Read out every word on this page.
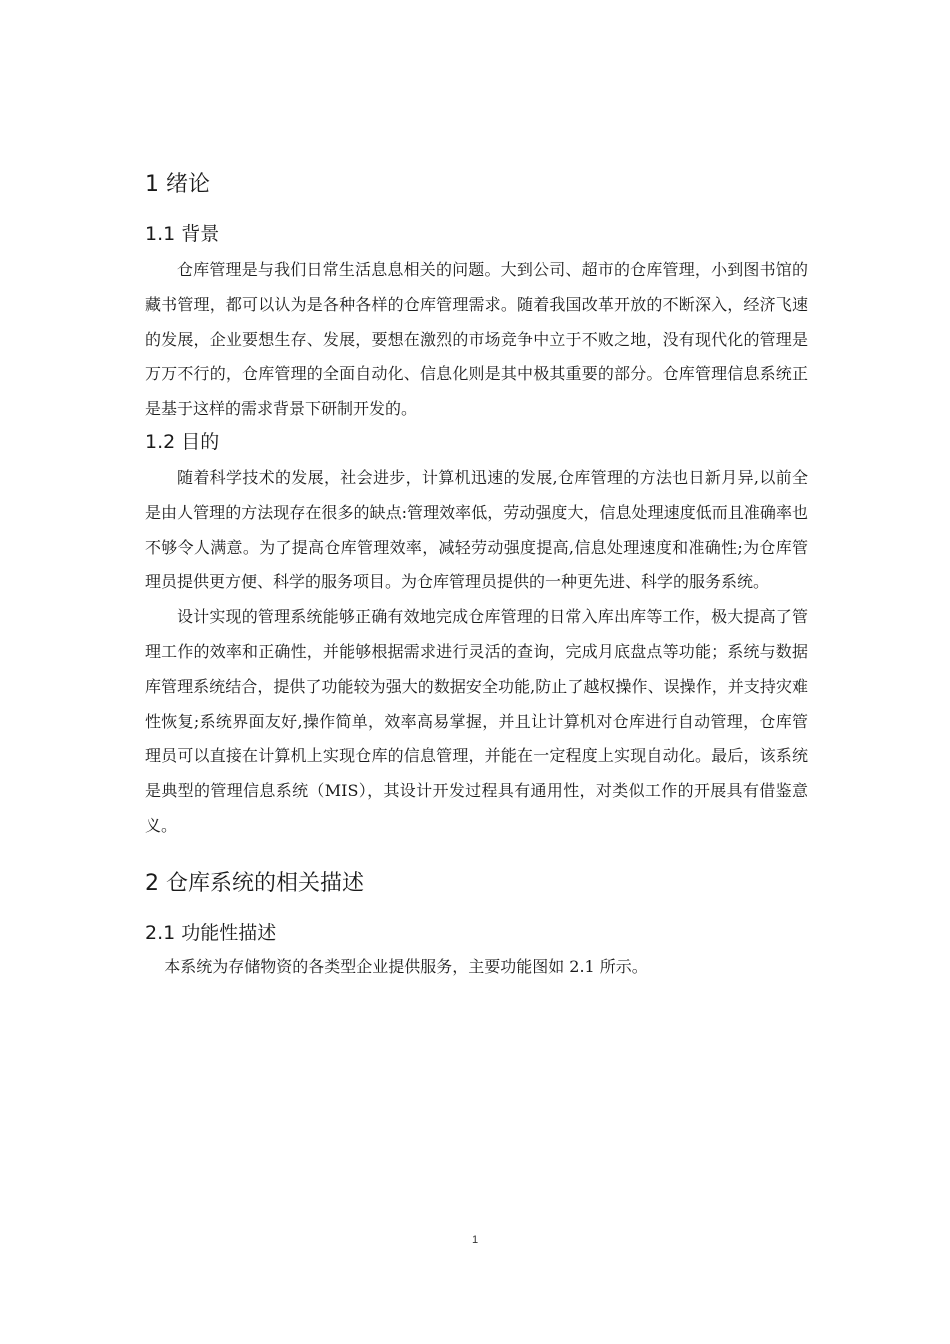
1 绪论
1.1 背景

仓库管理是与我们日常生活息息相关的问题。大到公司、超市的仓库管理，小到图书馆的藏书管理，都可以认为是各种各样的仓库管理需求。随着我国改革开放的不断深入，经济飞速的发展，企业要想生存、发展，要想在激烈的市场竞争中立于不败之地，没有现代化的管理是万万不行的，仓库管理的全面自动化、信息化则是其中极其重要的部分。仓库管理信息系统正是基于这样的需求背景下研制开发的。

1.2 目的

随着科学技术的发展，社会进步，计算机迅速的发展,仓库管理的方法也日新月异,以前全是由人管理的方法现存在很多的缺点:管理效率低，劳动强度大，信息处理速度低而且准确率也不够令人满意。为了提高仓库管理效率，减轻劳动强度提高,信息处理速度和准确性;为仓库管理员提供更方便、科学的服务项目。为仓库管理员提供的一种更先进、科学的服务系统。

设计实现的管理系统能够正确有效地完成仓库管理的日常入库出库等工作，极大提高了管理工作的效率和正确性，并能够根据需求进行灵活的查询，完成月底盘点等功能；系统与数据库管理系统结合，提供了功能较为强大的数据安全功能,防止了越权操作、误操作，并支持灾难性恢复;系统界面友好,操作简单，效率高易掌握，并且让计算机对仓库进行自动管理，仓库管理员可以直接在计算机上实现仓库的信息管理，并能在一定程度上实现自动化。最后，该系统是典型的管理信息系统（MIS），其设计开发过程具有通用性，对类似工作的开展具有借鉴意义。

2 仓库系统的相关描述
2.1 功能性描述

本系统为存储物资的各类型企业提供服务，主要功能图如 2.1 所示。

1
